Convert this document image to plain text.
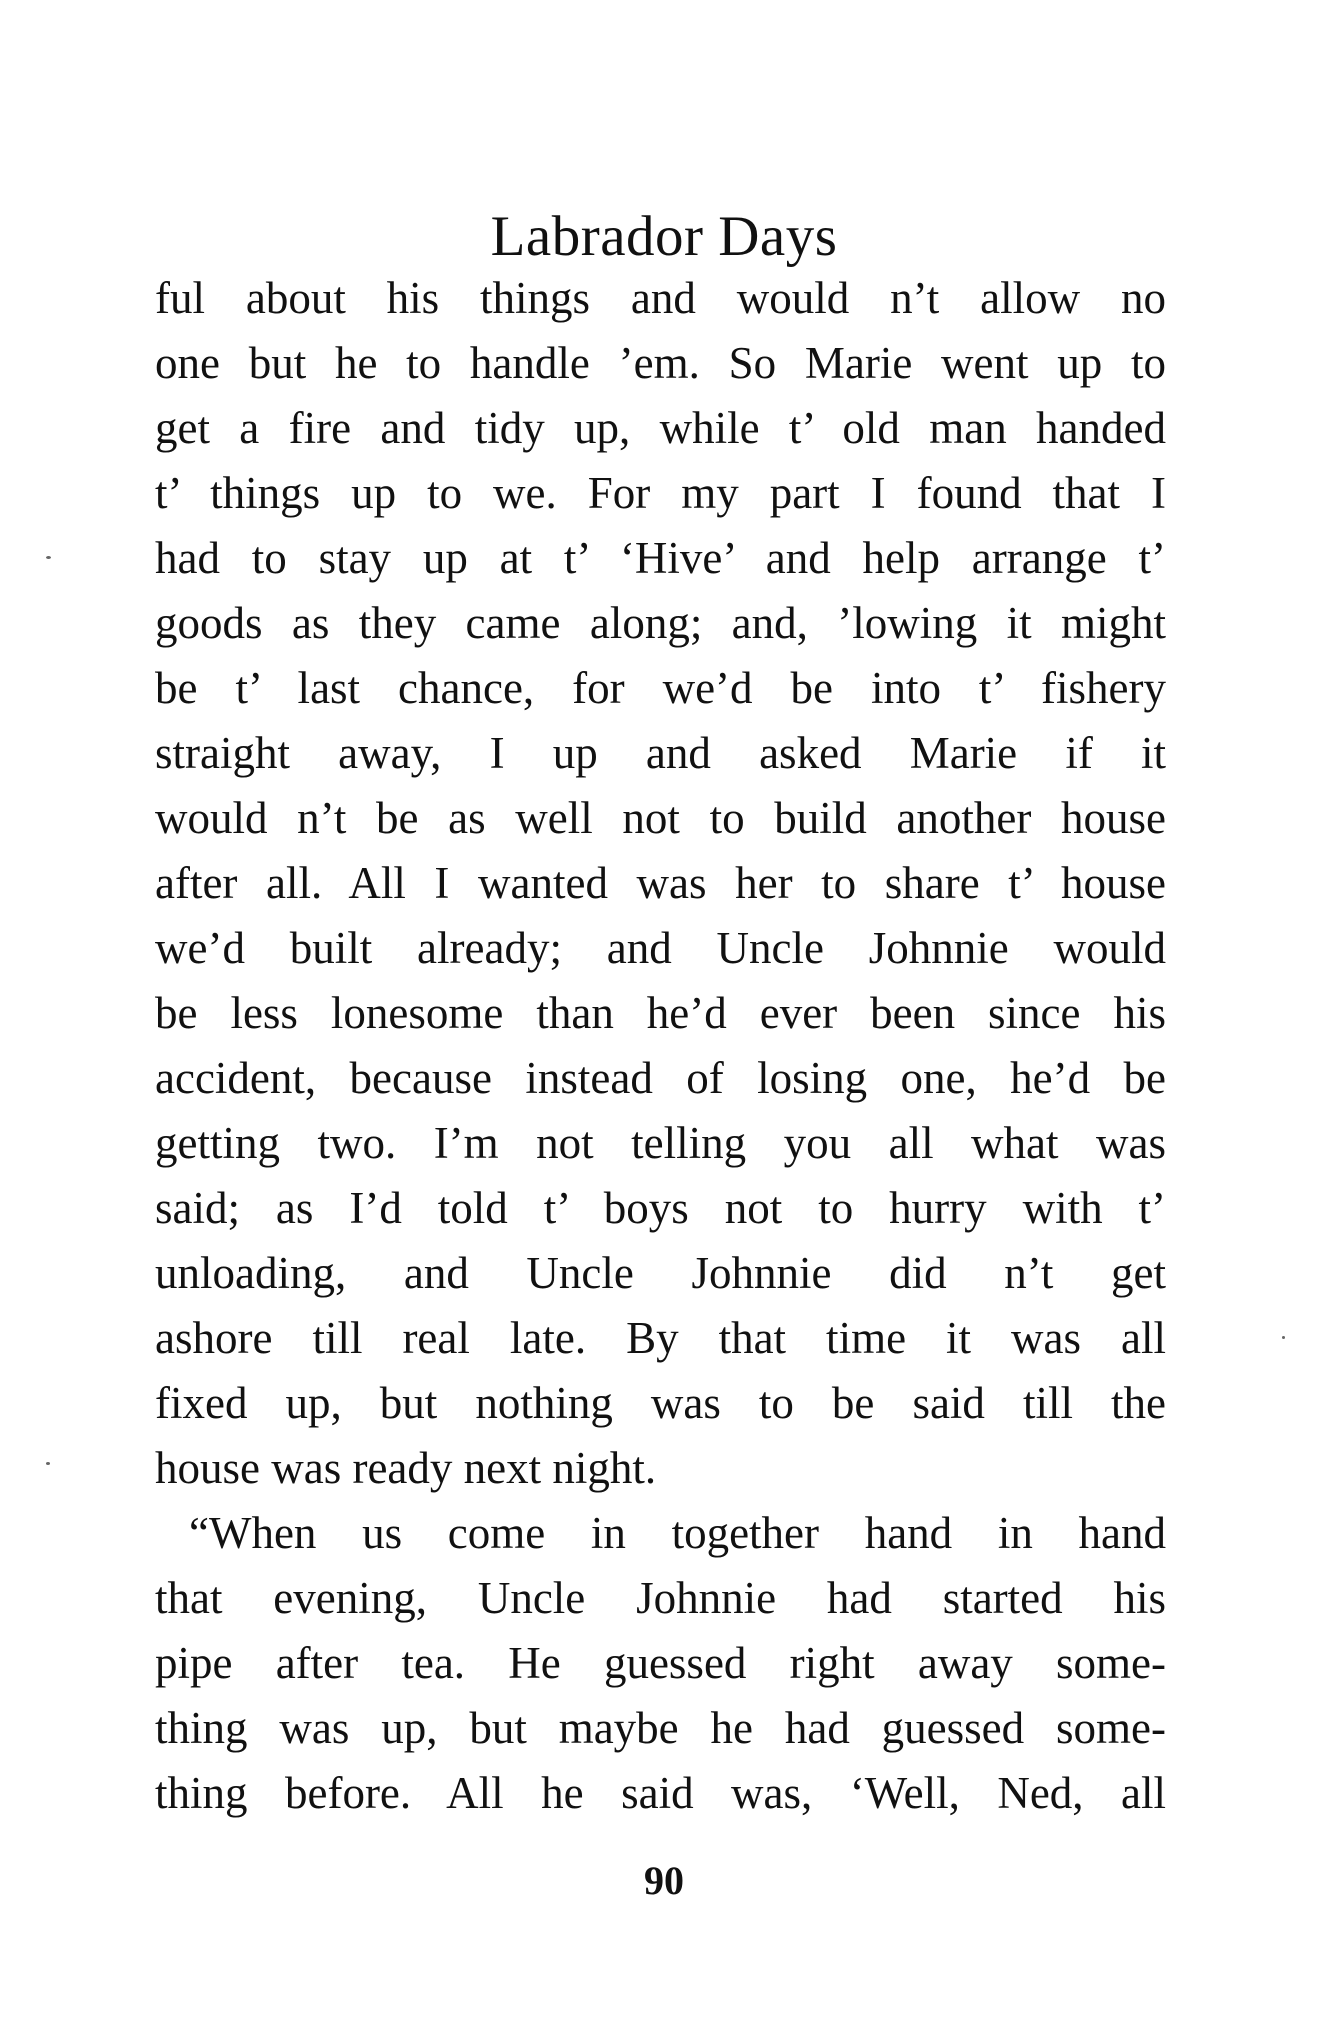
Labrador Days
ful about his things and would n’t allow no
one but he to handle ’em. So Marie went up to
get a fire and tidy up, while t’ old man handed
t’ things up to we. For my part I found that I
had to stay up at t’ ‘Hive’ and help arrange t’
goods as they came along; and, ’lowing it might
be t’ last chance, for we’d be into t’ fishery
straight away, I up and asked Marie if it
would n’t be as well not to build another house
after all. All I wanted was her to share t’ house
we’d built already; and Uncle Johnnie would
be less lonesome than he’d ever been since his
accident, because instead of losing one, he’d be
getting two. I’m not telling you all what was
said; as I’d told t’ boys not to hurry with t’
unloading, and Uncle Johnnie did n’t get
ashore till real late. By that time it was all
fixed up, but nothing was to be said till the
house was ready next night.
“When us come in together hand in hand
that evening, Uncle Johnnie had started his
pipe after tea. He guessed right away some-
thing was up, but maybe he had guessed some-
thing before. All he said was, ‘Well, Ned, all
90
